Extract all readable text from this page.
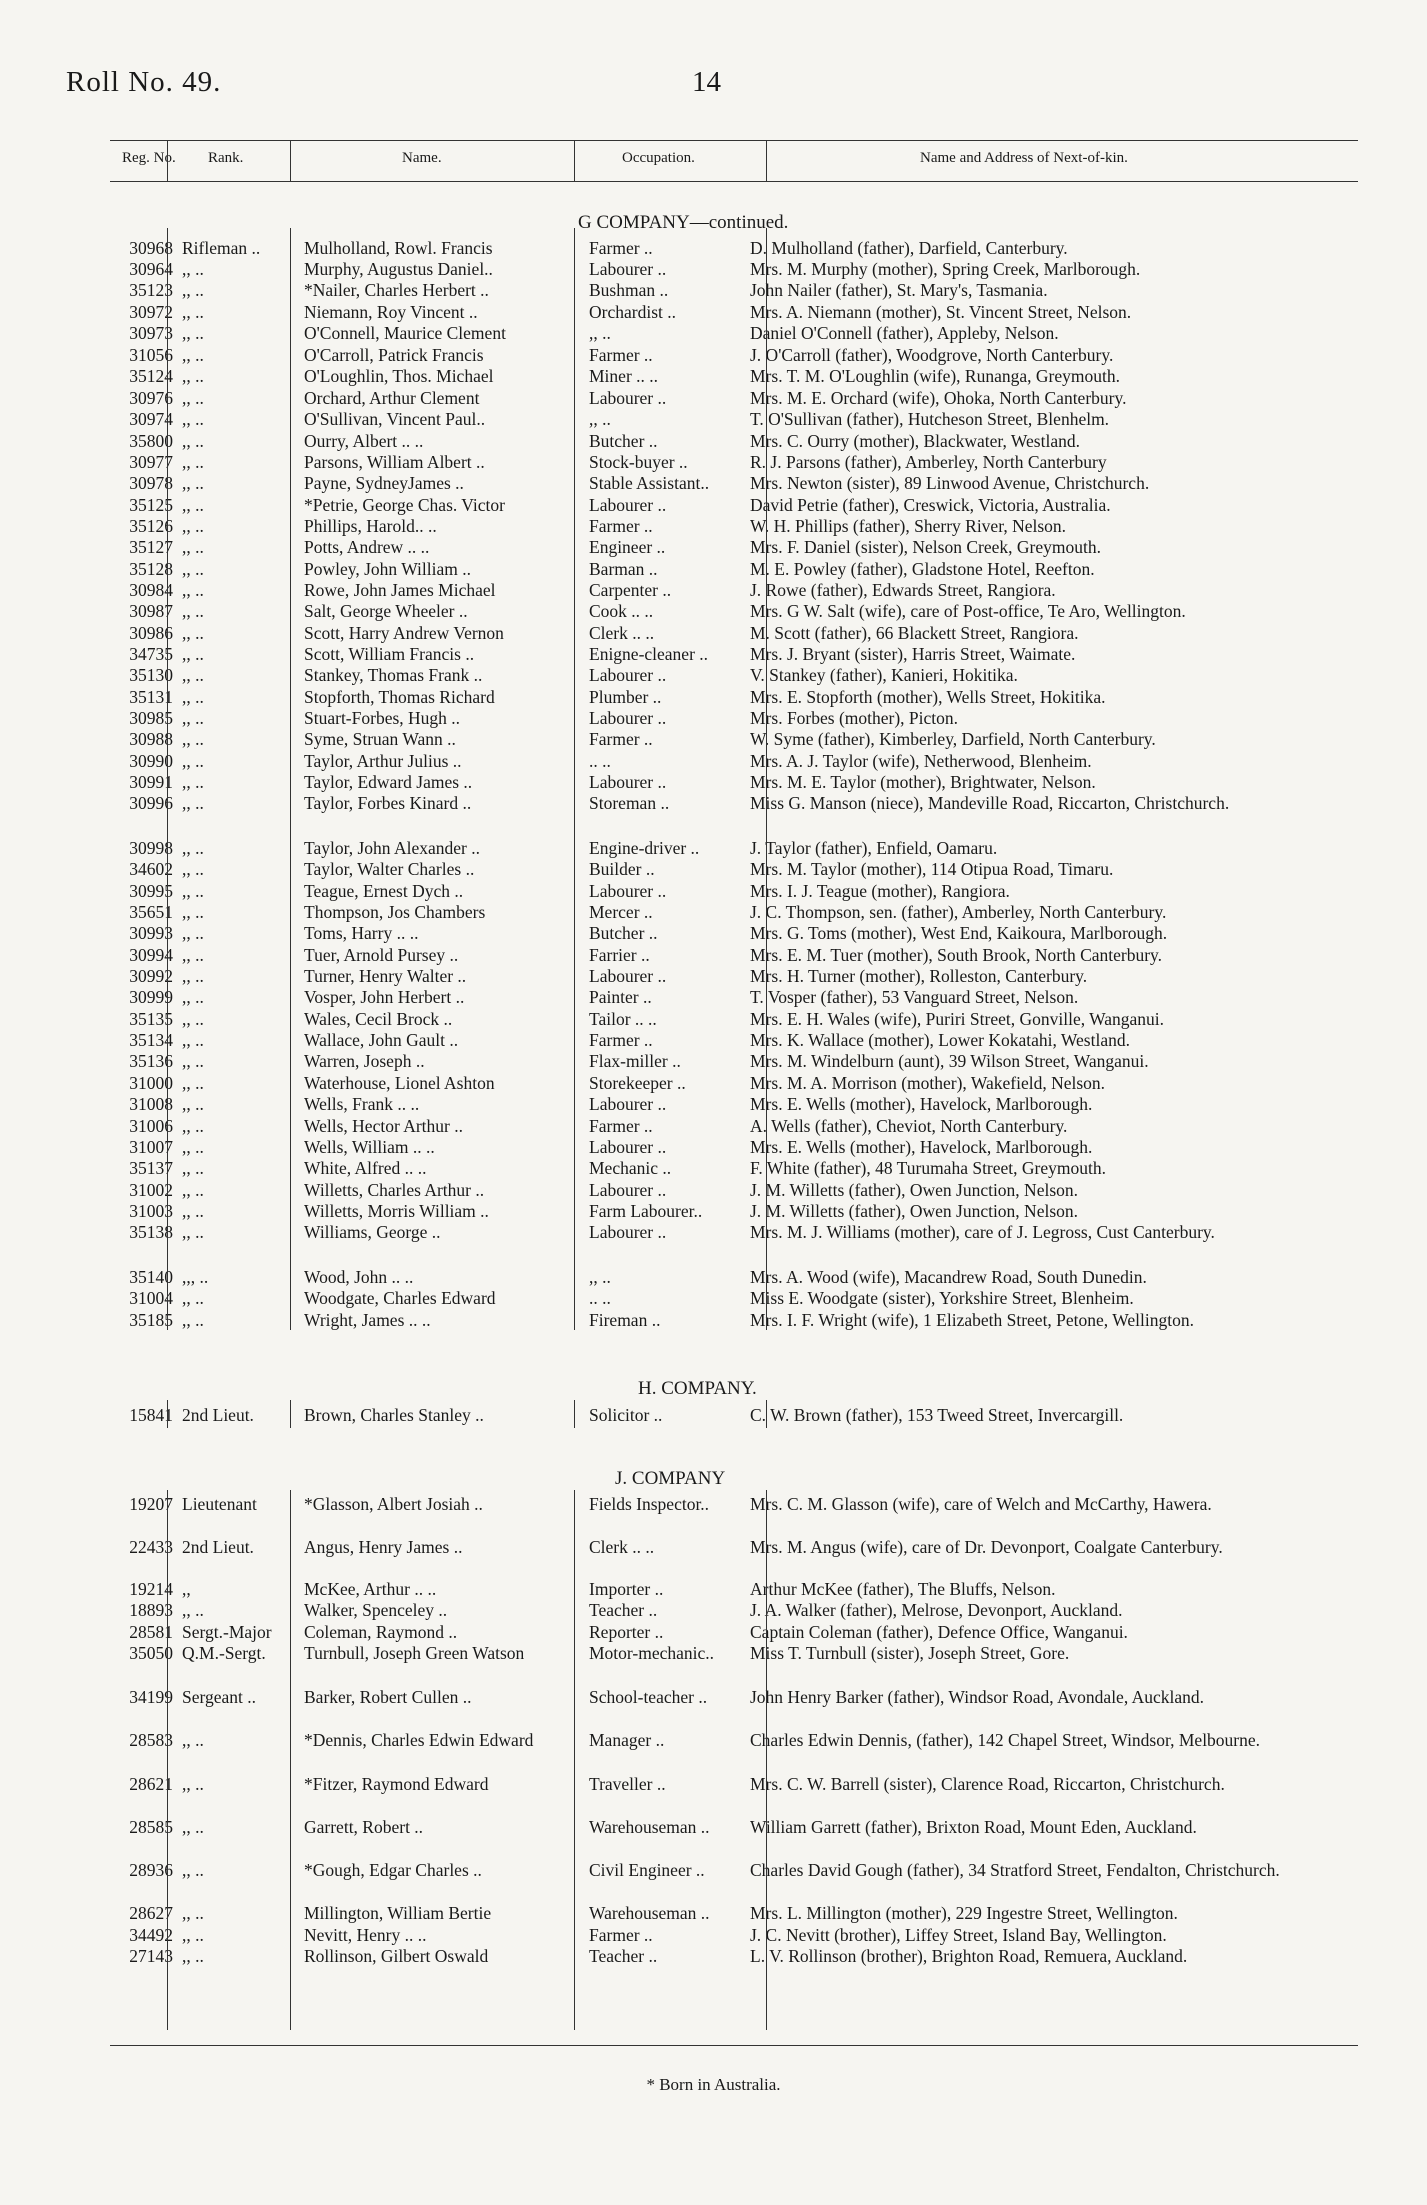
Roll No. 49.	14
Reg. No. Rank.	Name.	Occupation.	Name and Address of Next-of-kin.
G COMPANY—continued.
H. COMPANY.
J. COMPANY
30968 Rifleman ..	Mulholland, Rowl. Francis	Farmer ..	D. Mulholland (father), Darfield, Canterbury.
30964 ,, ..	Murphy, Augustus Daniel..	Labourer ..	Mrs. M. Murphy (mother), Spring Creek, Marlborough.
35123 ,, ..	*Nailer, Charles Herbert ..	Bushman ..	John Nailer (father), St. Mary's, Tasmania.
30972 ,, ..	Niemann, Roy Vincent ..	Orchardist ..	Mrs. A. Niemann (mother), St. Vincent Street, Nelson.
30973 ,, ..	O'Connell, Maurice Clement	,, ..	Daniel O'Connell (father), Appleby, Nelson.
31056 ,, ..	O'Carroll, Patrick Francis	Farmer ..	J. O'Carroll (father), Woodgrove, North Canterbury.
35124 ,, ..	O'Loughlin, Thos. Michael	Miner .. ..	Mrs. T. M. O'Loughlin (wife), Runanga, Greymouth.
30976 ,, ..	Orchard, Arthur Clement	Labourer ..	Mrs. M. E. Orchard (wife), Ohoka, North Canterbury.
30974 ,, ..	O'Sullivan, Vincent Paul..	,, ..	T. O'Sullivan (father), Hutcheson Street, Blenhelm.
35800 ,, ..	Ourry, Albert .. ..	Butcher ..	Mrs. C. Ourry (mother), Blackwater, Westland.
30977 ,, ..	Parsons, William Albert ..	Stock-buyer ..	R. J. Parsons (father), Amberley, North Canterbury
30978 ,, ..	Payne, SydneyJames ..	Stable Assistant.. Mrs. Newton (sister), 89 Linwood Avenue, Christchurch.
35125 ,, ..	*Petrie, George Chas. Victor	Labourer ..	David Petrie (father), Creswick, Victoria, Australia.
35126 ,, ..	Phillips, Harold.. ..	Farmer ..	W. H. Phillips (father), Sherry River, Nelson.
35127 ,, ..	Potts, Andrew .. ..	Engineer ..	Mrs. F. Daniel (sister), Nelson Creek, Greymouth.
35128 ,, ..	Powley, John William ..	Barman ..	M. E. Powley (father), Gladstone Hotel, Reefton.
30984 ,, ..	Rowe, John James Michael	Carpenter ..	J. Rowe (father), Edwards Street, Rangiora.
30987 ,, ..	Salt, George Wheeler ..	Cook .. ..	Mrs. G W. Salt (wife), care of Post-office, Te Aro, Wellington.
30986 ,, ..	Scott, Harry Andrew Vernon	Clerk .. ..	M. Scott (father), 66 Blackett Street, Rangiora.
34735 ,, ..	Scott, William Francis ..	Enigne-cleaner .. Mrs. J. Bryant (sister), Harris Street, Waimate.
35130 ,, ..	Stankey, Thomas Frank ..	Labourer ..	V. Stankey (father), Kanieri, Hokitika.
35131 ,, ..	Stopforth, Thomas Richard	Plumber ..	Mrs. E. Stopforth (mother), Wells Street, Hokitika.
30985 ,, ..	Stuart-Forbes, Hugh ..	Labourer ..	Mrs. Forbes (mother), Picton.
30988 ,, ..	Syme, Struan Wann ..	Farmer ..	W. Syme (father), Kimberley, Darfield, North Canterbury.
30990 ,, ..	Taylor, Arthur Julius ..	.. ..	Mrs. A. J. Taylor (wife), Netherwood, Blenheim.
30991 ,, ..	Taylor, Edward James ..	Labourer ..	Mrs. M. E. Taylor (mother), Brightwater, Nelson.
30996 ,, ..	Taylor, Forbes Kinard ..	Storeman ..	Miss G. Manson (niece), Mandeville Road, Riccarton, Christchurch.
30998 ,, ..	Taylor, John Alexander ..	Engine-driver ..	J. Taylor (father), Enfield, Oamaru.
34602 ,, ..	Taylor, Walter Charles ..	Builder ..	Mrs. M. Taylor (mother), 114 Otipua Road, Timaru.
30995 ,, ..	Teague, Ernest Dych ..	Labourer ..	Mrs. I. J. Teague (mother), Rangiora.
35651 ,, ..	Thompson, Jos Chambers	Mercer ..	J. C. Thompson, sen. (father), Amberley, North Canterbury.
30993 ,, ..	Toms, Harry .. ..	Butcher ..	Mrs. G. Toms (mother), West End, Kaikoura, Marlborough.
30994 ,, ..	Tuer, Arnold Pursey ..	Farrier ..	Mrs. E. M. Tuer (mother), South Brook, North Canterbury.
30992 ,, ..	Turner, Henry Walter ..	Labourer ..	Mrs. H. Turner (mother), Rolleston, Canterbury.
30999 ,, ..	Vosper, John Herbert ..	Painter ..	T. Vosper (father), 53 Vanguard Street, Nelson.
35135 ,, ..	Wales, Cecil Brock ..	Tailor .. ..	Mrs. E. H. Wales (wife), Puriri Street, Gonville, Wanganui.
35134 ,, ..	Wallace, John Gault ..	Farmer ..	Mrs. K. Wallace (mother), Lower Kokatahi, Westland.
35136 ,, ..	Warren, Joseph ..	Flax-miller ..	Mrs. M. Windelburn (aunt), 39 Wilson Street, Wanganui.
31000 ,, ..	Waterhouse, Lionel Ashton	Storekeeper ..	Mrs. M. A. Morrison (mother), Wakefield, Nelson.
31008 ,, ..	Wells, Frank .. ..	Labourer ..	Mrs. E. Wells (mother), Havelock, Marlborough.
31006 ,, ..	Wells, Hector Arthur ..	Farmer ..	A. Wells (father), Cheviot, North Canterbury.
31007 ,, ..	Wells, William .. ..	Labourer ..	Mrs. E. Wells (mother), Havelock, Marlborough.
35137 ,, ..	White, Alfred .. ..	Mechanic ..	F. White (father), 48 Turumaha Street, Greymouth.
31002 ,, ..	Willetts, Charles Arthur ..	Labourer ..	J. M. Willetts (father), Owen Junction, Nelson.
31003 ,, ..	Willetts, Morris William ..	Farm Labourer..	J. M. Willetts (father), Owen Junction, Nelson.
35138 ,, ..	Williams, George ..	Labourer ..	Mrs. M. J. Williams (mother), care of J. Legross, Cust Canterbury.
35140 ,,, ..	Wood, John .. ..	,, ..	Mrs. A. Wood (wife), Macandrew Road, South Dunedin.
31004 ,, ..	Woodgate, Charles Edward	.. ..	Miss E. Woodgate (sister), Yorkshire Street, Blenheim.
35185 ,, ..	Wright, James .. ..	Fireman ..	Mrs. I. F. Wright (wife), 1 Elizabeth Street, Petone, Wellington.
15841 2nd Lieut.	Brown, Charles Stanley ..	Solicitor ..	C. W. Brown (father), 153 Tweed Street, Invercargill.
19207 Lieutenant	*Glasson, Albert Josiah ..	Fields Inspector.. Mrs. C. M. Glasson (wife), care of Welch and McCarthy, Hawera.
22433 2nd Lieut.	Angus, Henry James ..	Clerk .. ..	Mrs. M. Angus (wife), care of Dr. Devonport, Coalgate Canterbury.
19214 ,,	McKee, Arthur .. ..	Importer ..	Arthur McKee (father), The Bluffs, Nelson.
18893 ,, ..	Walker, Spenceley ..	Teacher ..	J. A. Walker (father), Melrose, Devonport, Auckland.
28581 Sergt.-Major Coleman, Raymond ..	Reporter ..	Captain Coleman (father), Defence Office, Wanganui.
35050 Q.M.-Sergt. Turnbull, Joseph Green Watson	Motor-mechanic.. Miss T. Turnbull (sister), Joseph Street, Gore.
34199 Sergeant ..	Barker, Robert Cullen ..	School-teacher .. John Henry Barker (father), Windsor Road, Avondale, Auckland.
28583 ,, ..	*Dennis, Charles Edwin Edward	Manager ..	Charles Edwin Dennis, (father), 142 Chapel Street, Windsor, Melbourne.
28621 ,, ..	*Fitzer, Raymond Edward	Traveller ..	Mrs. C. W. Barrell (sister), Clarence Road, Riccarton, Christchurch.
28585 ,, ..	Garrett, Robert ..	Warehouseman .. William Garrett (father), Brixton Road, Mount Eden, Auckland.
28936 ,, ..	*Gough, Edgar Charles ..	Civil Engineer ..	Charles David Gough (father), 34 Stratford Street, Fendalton, Christchurch.
28627 ,, ..	Millington, William Bertie	Warehouseman .. Mrs. L. Millington (mother), 229 Ingestre Street, Wellington.
34492 ,, ..	Nevitt, Henry .. ..	Farmer ..	J. C. Nevitt (brother), Liffey Street, Island Bay, Wellington.
27143 ,, ..	Rollinson, Gilbert Oswald	Teacher ..	L. V. Rollinson (brother), Brighton Road, Remuera, Auckland.
* Born in Australia.
